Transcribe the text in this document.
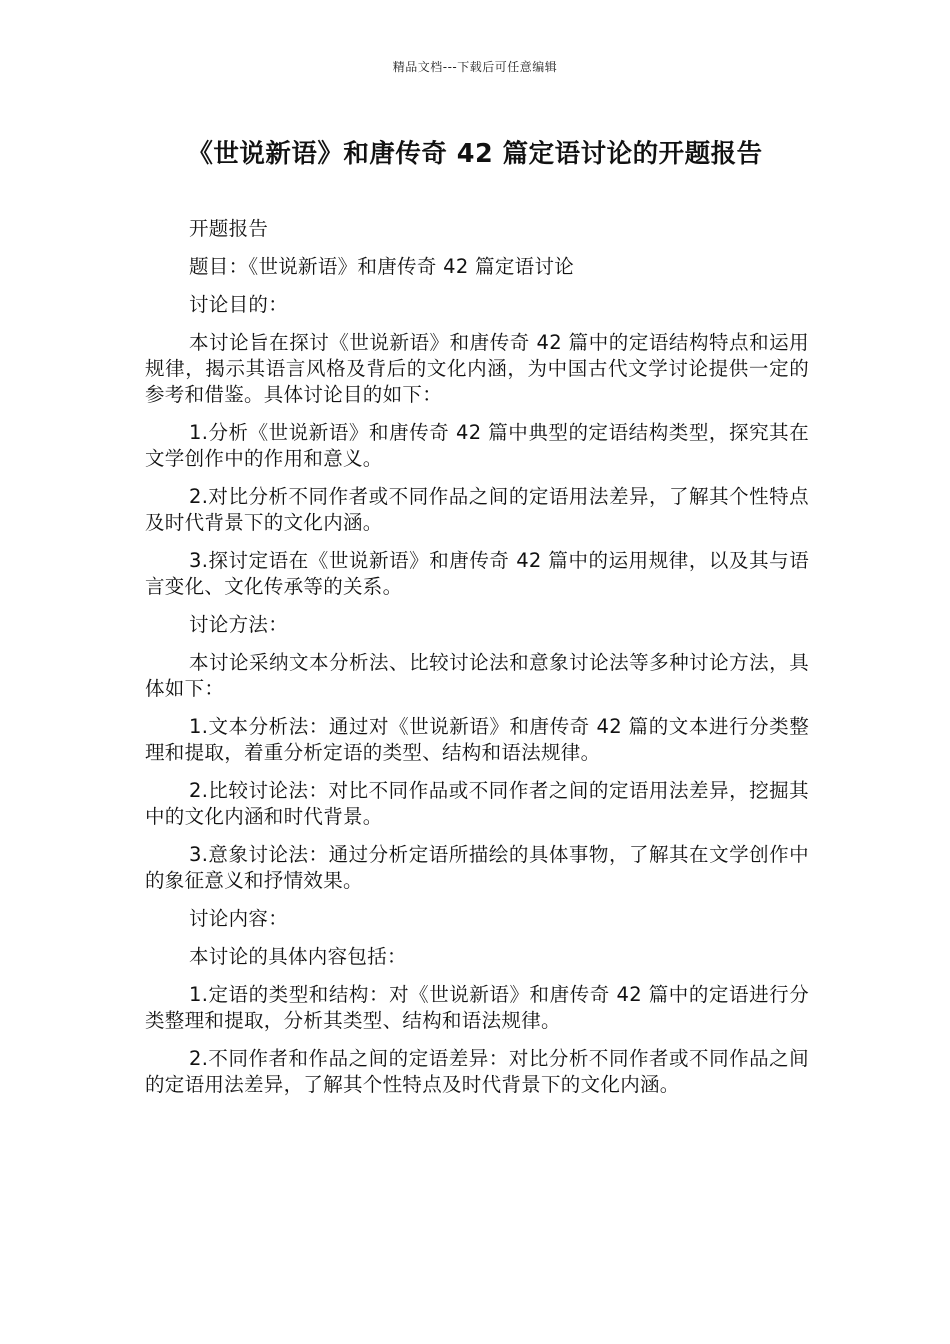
精品文档---下载后可任意编辑
《世说新语》和唐传奇 42 篇定语讨论的开题报告

开题报告

题目：《世说新语》和唐传奇 42 篇定语讨论

讨论目的：

本讨论旨在探讨《世说新语》和唐传奇 42 篇中的定语结构特点和运用规律，揭示其语言风格及背后的文化内涵，为中国古代文学讨论提供一定的参考和借鉴。具体讨论目的如下：

1.分析《世说新语》和唐传奇 42 篇中典型的定语结构类型，探究其在文学创作中的作用和意义。

2.对比分析不同作者或不同作品之间的定语用法差异，了解其个性特点及时代背景下的文化内涵。

3.探讨定语在《世说新语》和唐传奇 42 篇中的运用规律，以及其与语言变化、文化传承等的关系。

讨论方法：

本讨论采纳文本分析法、比较讨论法和意象讨论法等多种讨论方法，具体如下：

1.文本分析法：通过对《世说新语》和唐传奇 42 篇的文本进行分类整理和提取，着重分析定语的类型、结构和语法规律。

2.比较讨论法：对比不同作品或不同作者之间的定语用法差异，挖掘其中的文化内涵和时代背景。

3.意象讨论法：通过分析定语所描绘的具体事物，了解其在文学创作中的象征意义和抒情效果。

讨论内容：

本讨论的具体内容包括：

1.定语的类型和结构：对《世说新语》和唐传奇 42 篇中的定语进行分类整理和提取，分析其类型、结构和语法规律。

2.不同作者和作品之间的定语差异：对比分析不同作者或不同作品之间的定语用法差异，了解其个性特点及时代背景下的文化内涵。
